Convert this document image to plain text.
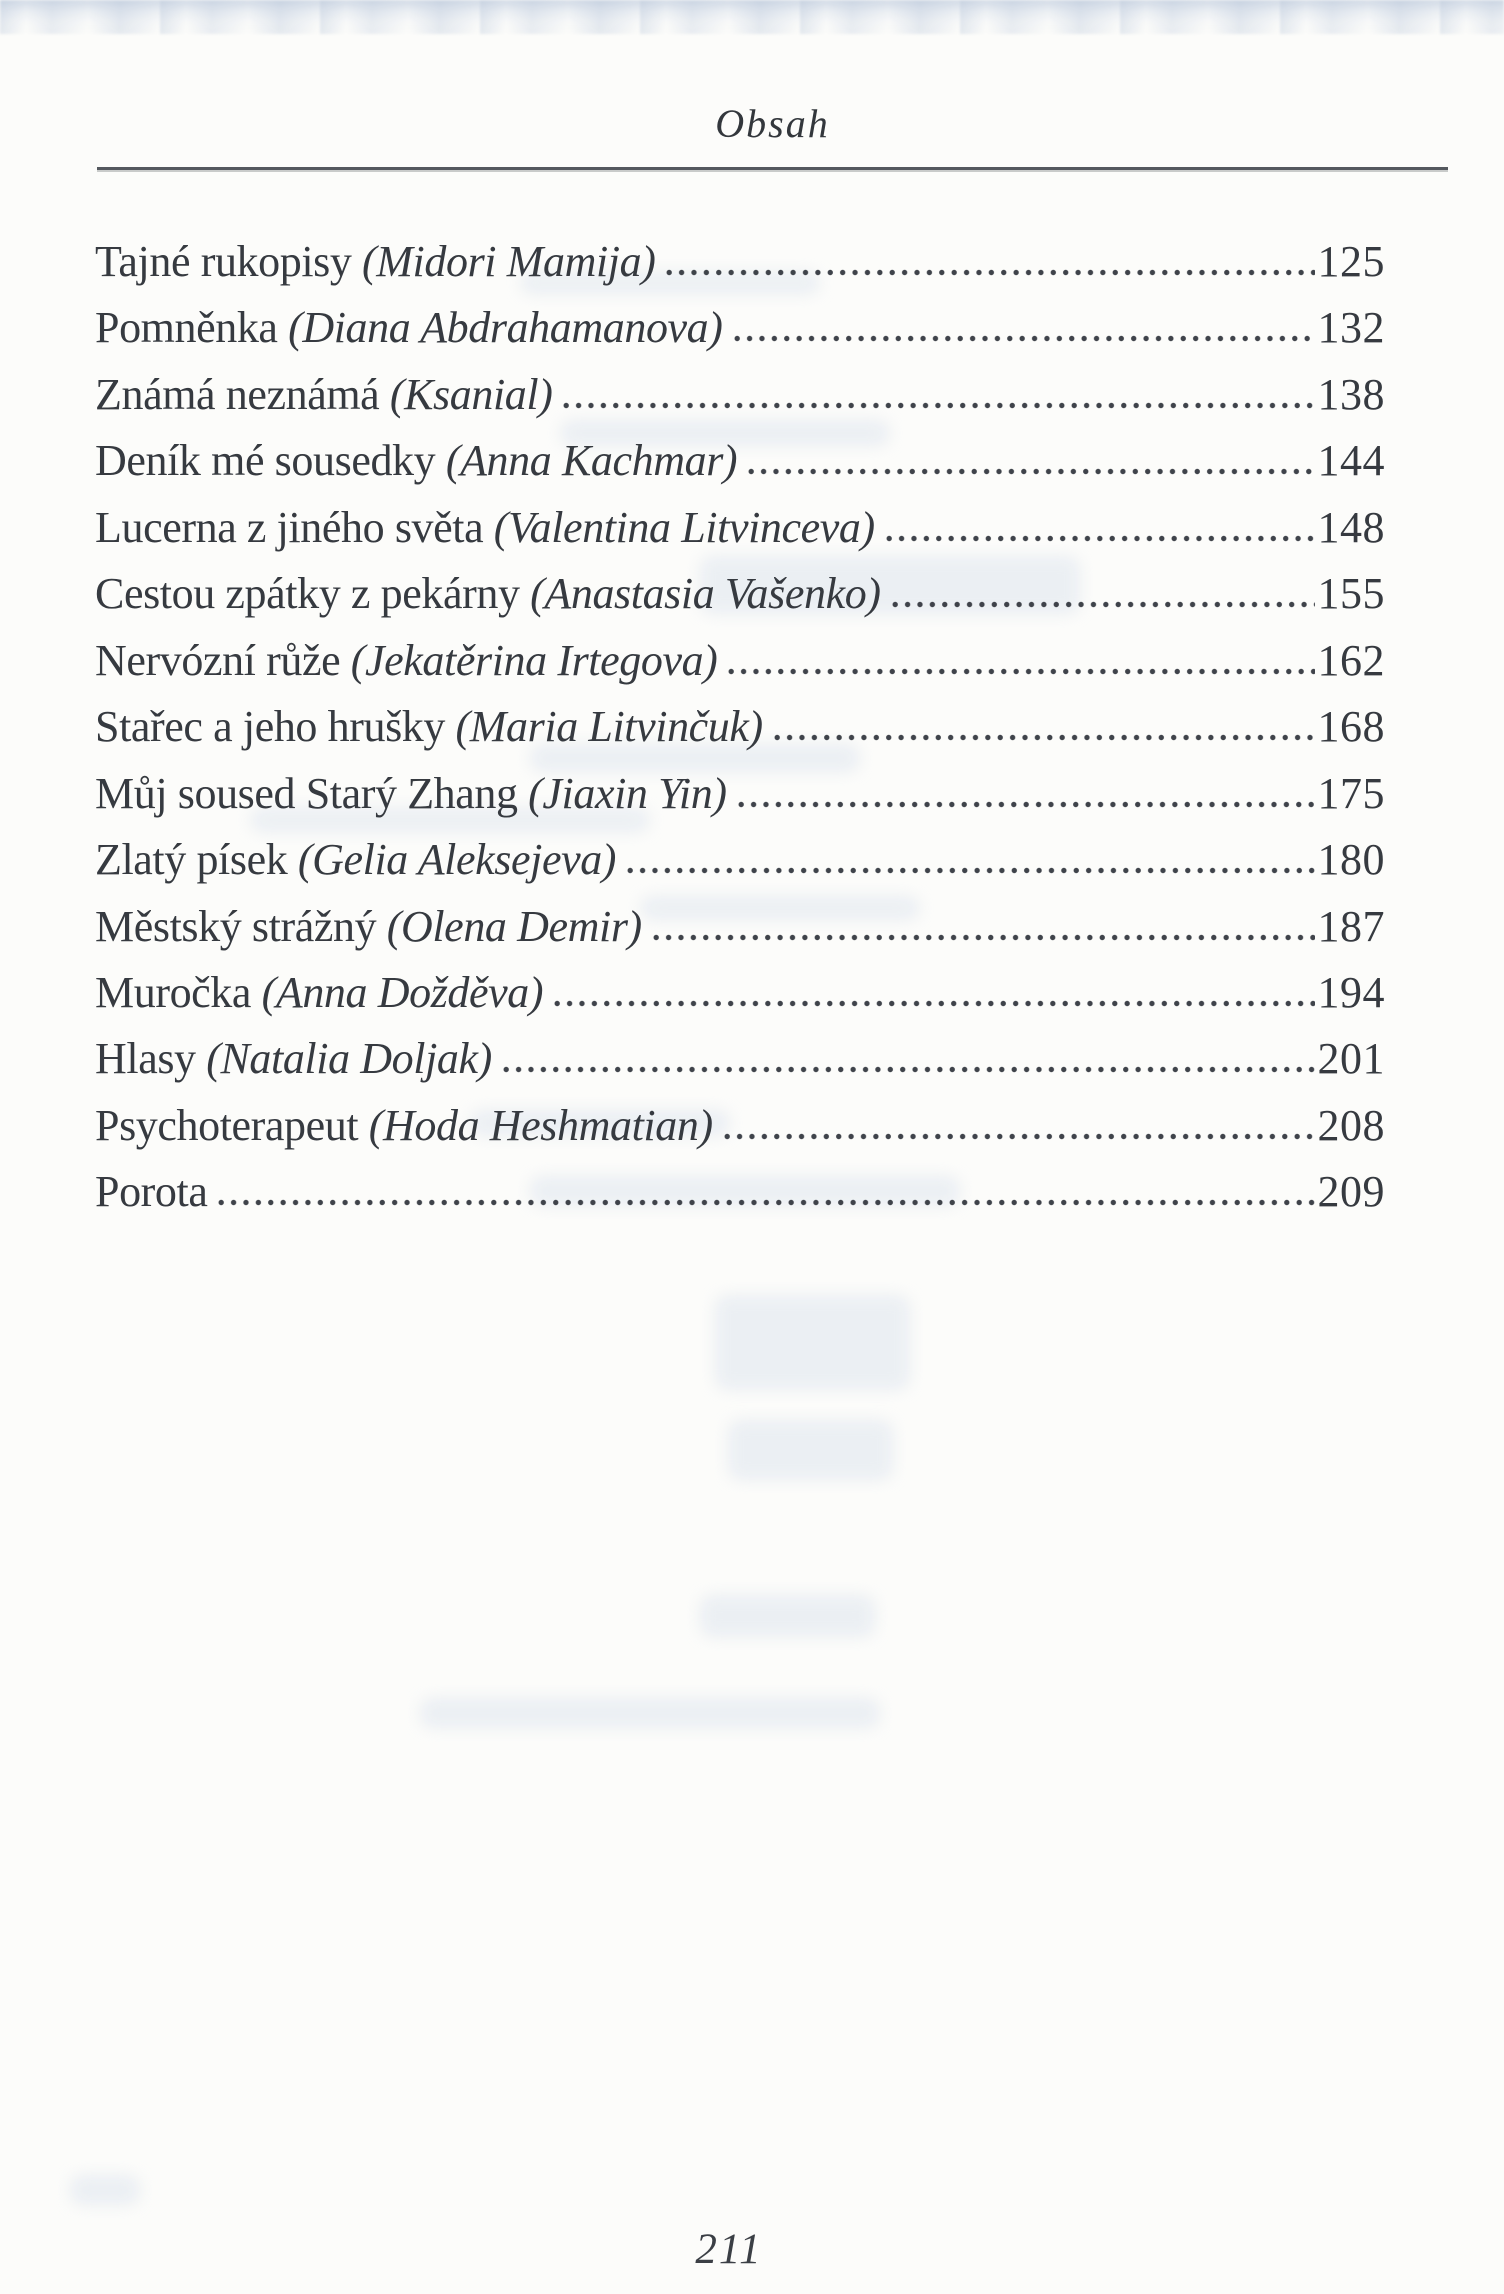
Obsah
Tajné rukopisy (Midori Mamija)	125
Pomněnka (Diana Abdrahamanova)	132
Známá neznámá (Ksanial)	138
Deník mé sousedky (Anna Kachmar)	144
Lucerna z jiného světa (Valentina Litvinceva)	148
Cestou zpátky z pekárny (Anastasia Vašenko)	155
Nervózní růže (Jekatěrina Irtegova)	162
Stařec a jeho hrušky (Maria Litvinčuk)	168
Můj soused Starý Zhang (Jiaxin Yin)	175
Zlatý písek (Gelia Aleksejeva)	180
Městský strážný (Olena Demir)	187
Muročka (Anna Dožděva)	194
Hlasy (Natalia Doljak)	201
Psychoterapeut (Hoda Heshmatian)	208
Porota	209
211
